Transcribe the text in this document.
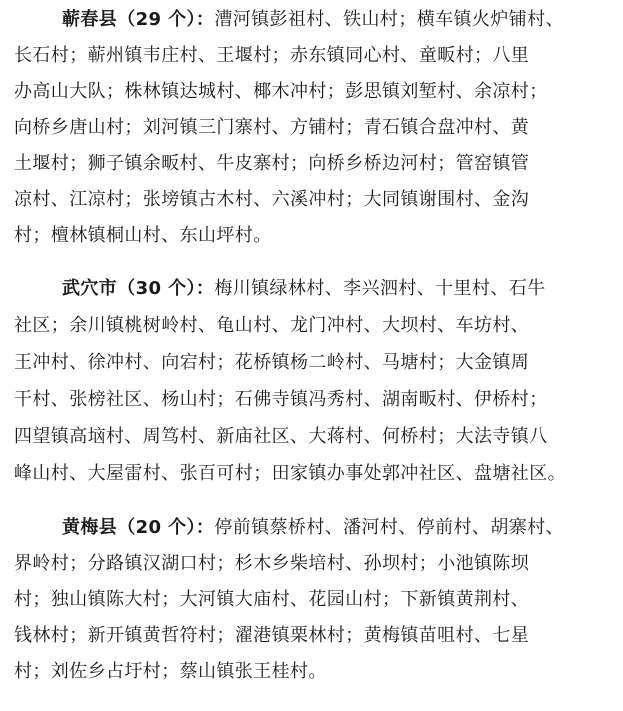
蕲春县（29 个）：漕河镇彭祖村、铁山村；横车镇火炉铺村、
长石村；蕲州镇韦庄村、王堰村；赤东镇同心村、童畈村；八里
办高山大队；株林镇达城村、椰木冲村；彭思镇刘堑村、余凉村；
向桥乡唐山村；刘河镇三门寨村、方铺村；青石镇合盘冲村、黄
土堰村；狮子镇余畈村、牛皮寨村；向桥乡桥边河村；管窑镇管
凉村、江凉村；张塝镇古木村、六溪冲村；大同镇谢围村、金沟
村；檀林镇桐山村、东山坪村。
武穴市（30 个）：梅川镇绿林村、李兴泗村、十里村、石牛
社区；余川镇桃树岭村、龟山村、龙门冲村、大坝村、车坊村、
王冲村、徐冲村、向宕村；花桥镇杨二岭村、马塘村；大金镇周
干村、张榜社区、杨山村；石佛寺镇冯秀村、湖南畈村、伊桥村；
四望镇高垴村、周笃村、新庙社区、大蒋村、何桥村；大法寺镇八
峰山村、大屋雷村、张百可村；田家镇办事处郭冲社区、盘塘社区。
黄梅县（20 个）：停前镇蔡桥村、潘河村、停前村、胡寨村、
界岭村；分路镇汉湖口村；杉木乡柴培村、孙坝村；小池镇陈坝
村；独山镇陈大村；大河镇大庙村、花园山村；下新镇黄荆村、
钱林村；新开镇黄哲符村；濯港镇栗林村；黄梅镇苗咀村、七星
村；刘佐乡占圩村；蔡山镇张王桂村。
